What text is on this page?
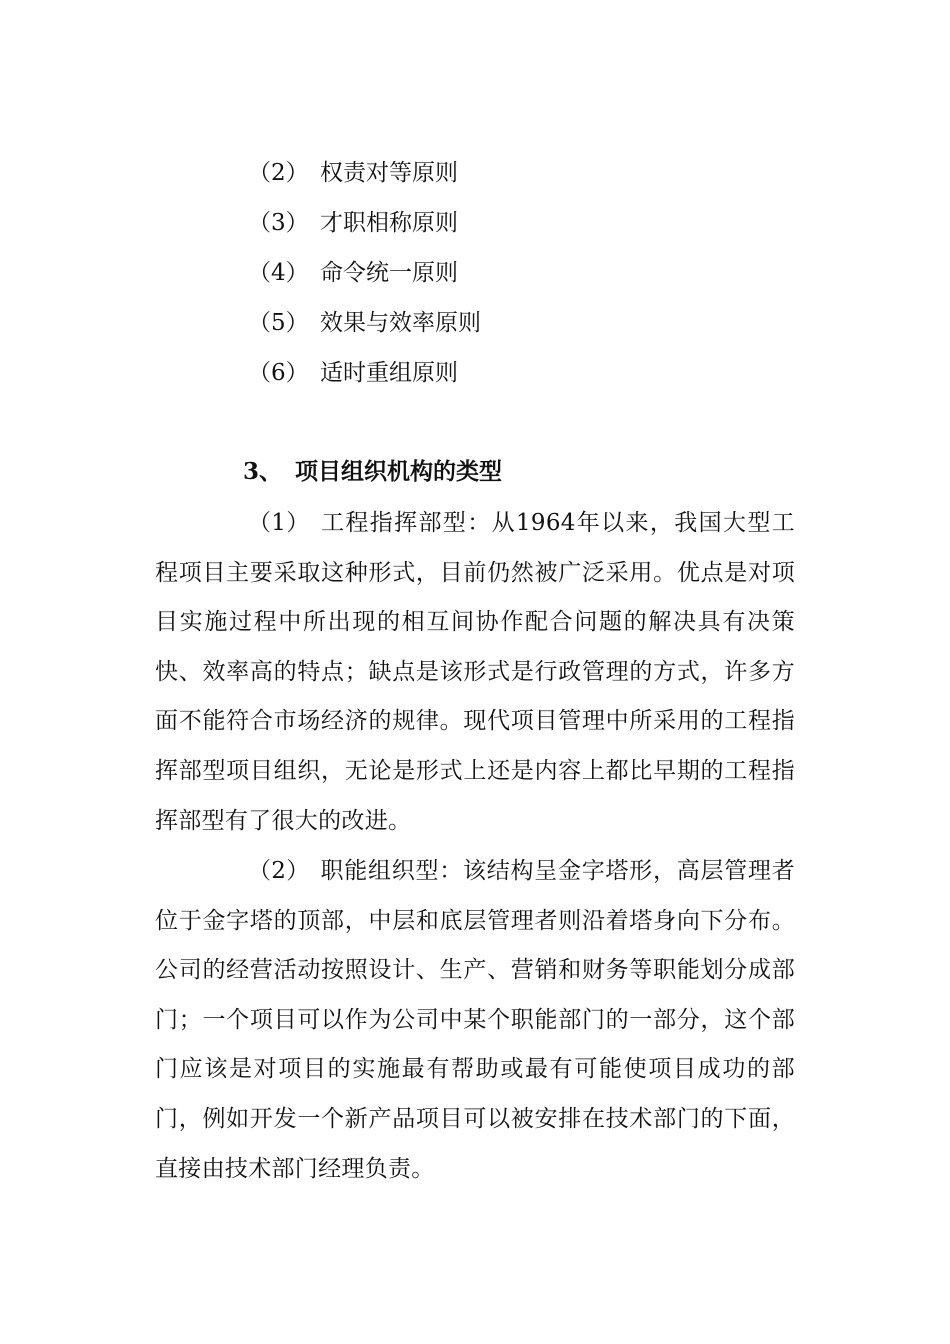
（2） 权责对等原则
（3） 才职相称原则
（4） 命令统一原则
（5） 效果与效率原则
（6） 适时重组原则
3、 项目组织机构的类型
（1） 工程指挥部型：从1964年以来，我国大型工程项目主要采取这种形式，目前仍然被广泛采用。优点是对项目实施过程中所出现的相互间协作配合问题的解决具有决策快、效率高的特点；缺点是该形式是行政管理的方式，许多方面不能符合市场经济的规律。现代项目管理中所采用的工程指挥部型项目组织，无论是形式上还是内容上都比早期的工程指挥部型有了很大的改进。
（2） 职能组织型：该结构呈金字塔形，高层管理者位于金字塔的顶部，中层和底层管理者则沿着塔身向下分布。公司的经营活动按照设计、生产、营销和财务等职能划分成部门；一个项目可以作为公司中某个职能部门的一部分，这个部门应该是对项目的实施最有帮助或最有可能使项目成功的部门，例如开发一个新产品项目可以被安排在技术部门的下面，直接由技术部门经理负责。
